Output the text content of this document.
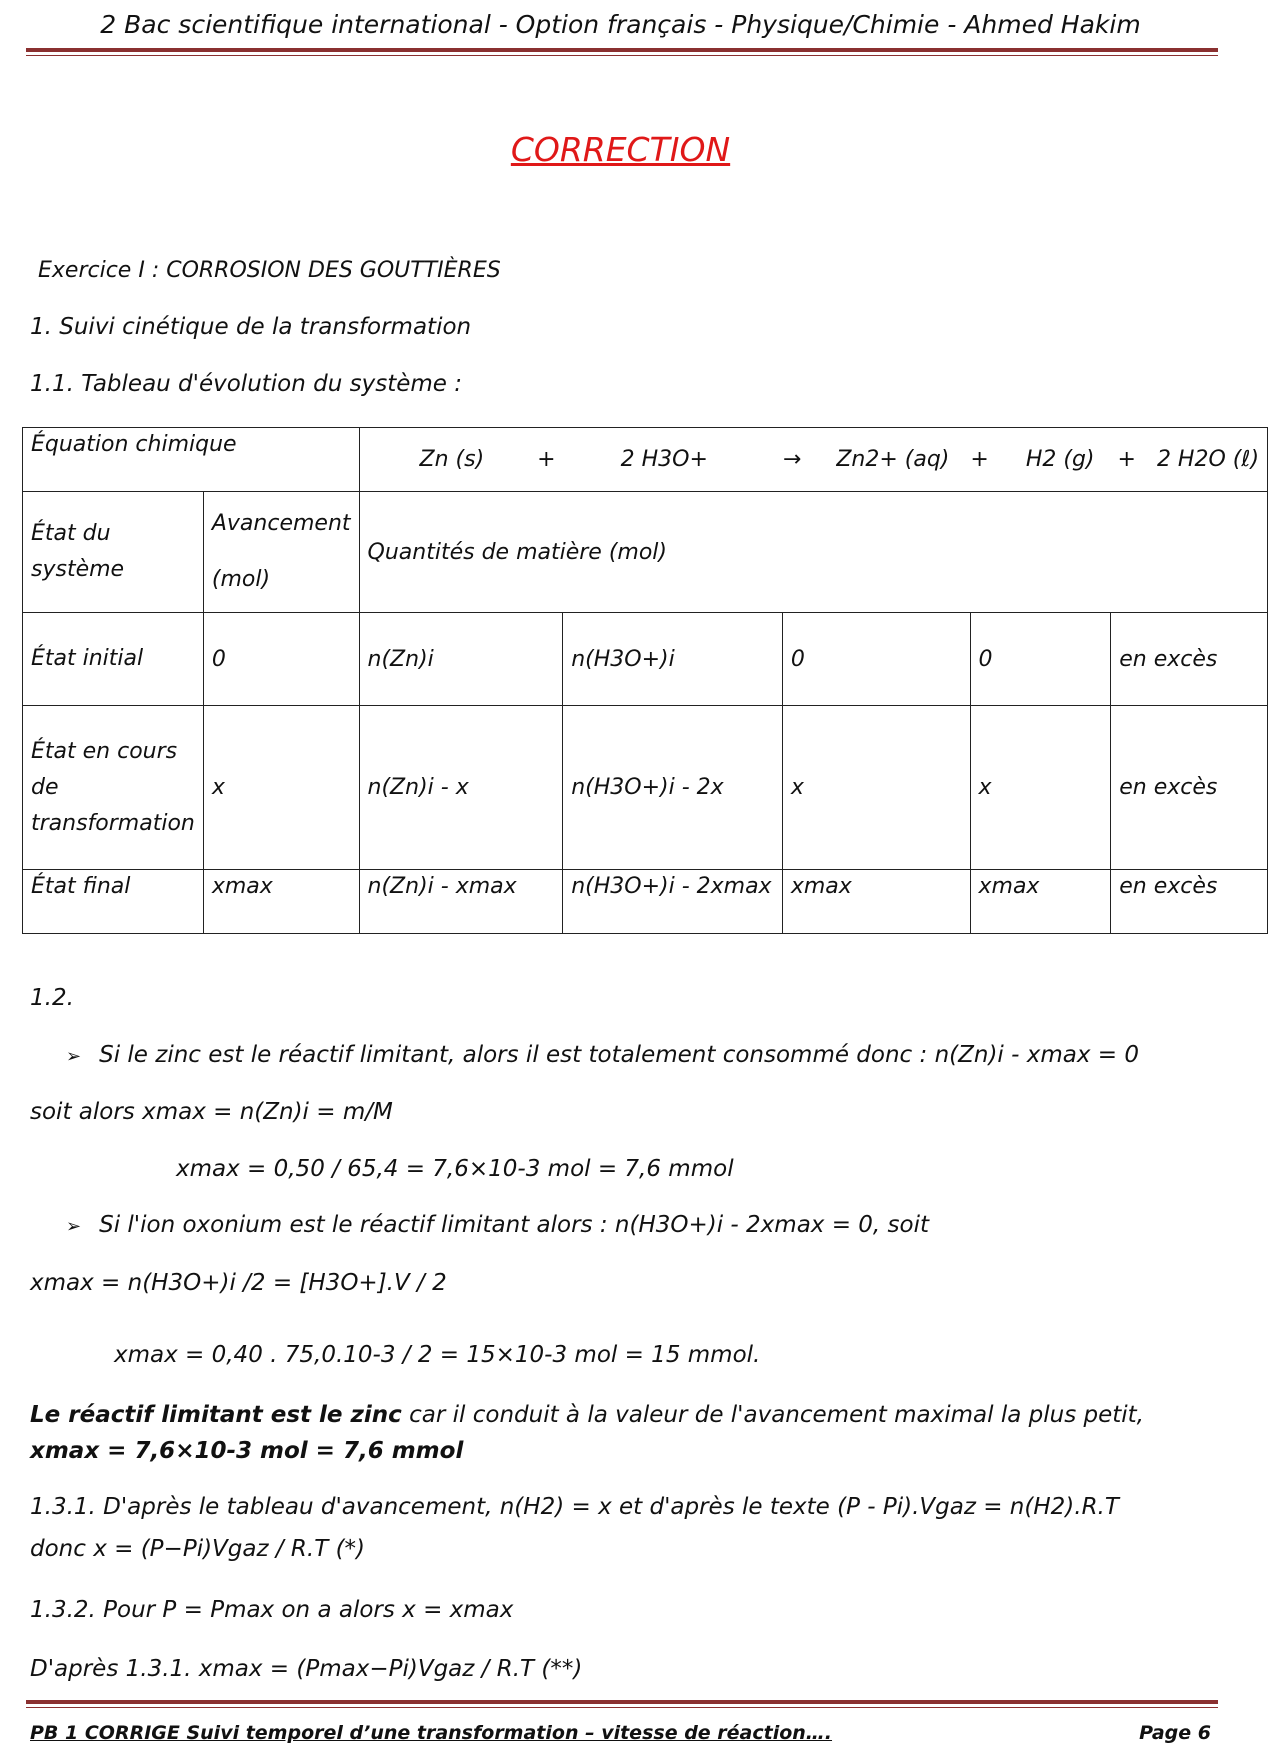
2 Bac scientifique international - Option français - Physique/Chimie - Ahmed Hakim
CORRECTION
Exercice I : CORROSION DES GOUTTIÈRES
1. Suivi cinétique de la transformation
1.1. Tableau d'évolution du système :
Équation chimique		Zn (s) + 2 H3O+ → Zn2+ (aq) + H2 (g) + 2 H2O (ℓ)				
État du système	Avancement (mol)	Quantités de matière (mol)				
État initial	0	n(Zn)i	n(H3O+)i	0	0	en excès
État en cours de transformation	x	n(Zn)i - x	n(H3O+)i - 2x	x	x	en excès
État final	xmax	n(Zn)i - xmax	n(H3O+)i - 2xmax	xmax	xmax	en excès
1.2.
➢ Si le zinc est le réactif limitant, alors il est totalement consommé donc : n(Zn)i - xmax = 0
soit alors xmax = n(Zn)i = m/M
xmax = 0,50 / 65,4 = 7,6×10-3 mol = 7,6 mmol
➢ Si l'ion oxonium est le réactif limitant alors : n(H3O+)i - 2xmax = 0, soit
xmax = n(H3O+)i /2 = [H3O+].V / 2
xmax = 0,40 . 75,0.10-3 / 2 = 15×10-3 mol = 15 mmol.
Le réactif limitant est le zinc car il conduit à la valeur de l'avancement maximal la plus petit,
xmax = 7,6×10-3 mol = 7,6 mmol
1.3.1. D'après le tableau d'avancement, n(H2) = x et d'après le texte (P - Pi).Vgaz = n(H2).R.T
donc x = (P−Pi)Vgaz / R.T (*)
1.3.2. Pour P = Pmax on a alors x = xmax
D'après 1.3.1. xmax = (Pmax−Pi)Vgaz / R.T (**)
PB 1 CORRIGE Suivi temporel d’une transformation – vitesse de réaction….	Page 6
